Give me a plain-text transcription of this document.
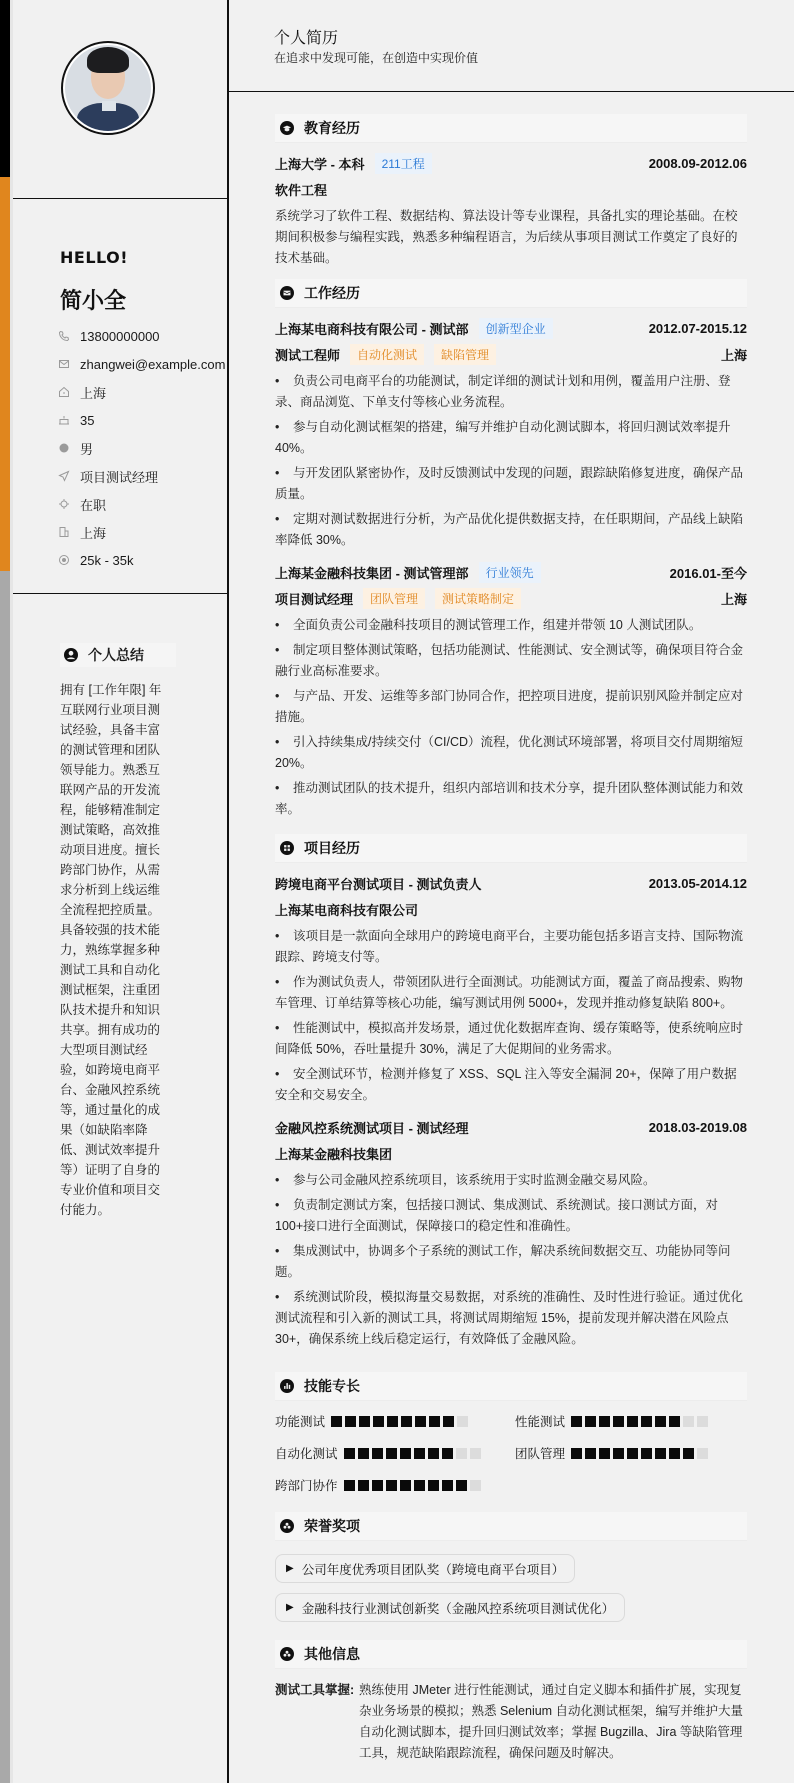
HELLO!
简小全
13800000000
zhangwei@example.com
上海
35
男
项目测试经理
在职
上海
25k - 35k
个人总结
拥有 [工作年限] 年互联网行业项目测试经验，具备丰富的测试管理和团队领导能力。熟悉互联网产品的开发流程，能够精准制定测试策略，高效推动项目进度。擅长跨部门协作，从需求分析到上线运维全流程把控质量。具备较强的技术能力，熟练掌握多种测试工具和自动化测试框架，注重团队技术提升和知识共享。拥有成功的大型项目测试经验，如跨境电商平台、金融风控系统等，通过量化的成果（如缺陷率降低、测试效率提升等）证明了自身的专业价值和项目交付能力。
个人简历
在追求中发现可能，在创造中实现价值
教育经历
上海大学 - 本科	211工程	2008.09-2012.06
软件工程

系统学习了软件工程、数据结构、算法设计等专业课程，具备扎实的理论基础。在校期间积极参与编程实践，熟悉多种编程语言，为后续从事项目测试工作奠定了良好的技术基础。

工作经历
上海某电商科技有限公司 - 测试部	创新型企业	2012.07-2015.12
测试工程师	自动化测试	缺陷管理	上海
• 负责公司电商平台的功能测试，制定详细的测试计划和用例，覆盖用户注册、登录、商品浏览、下单支付等核心业务流程。
• 参与自动化测试框架的搭建，编写并维护自动化测试脚本，将回归测试效率提升 40%。
• 与开发团队紧密协作，及时反馈测试中发现的问题，跟踪缺陷修复进度，确保产品质量。
• 定期对测试数据进行分析，为产品优化提供数据支持，在任职期间，产品线上缺陷率降低 30%。
上海某金融科技集团 - 测试管理部	行业领先	2016.01-至今
项目测试经理	团队管理	测试策略制定	上海
• 全面负责公司金融科技项目的测试管理工作，组建并带领 10 人测试团队。
• 制定项目整体测试策略，包括功能测试、性能测试、安全测试等，确保项目符合金融行业高标准要求。
• 与产品、开发、运维等多部门协同合作，把控项目进度，提前识别风险并制定应对措施。
• 引入持续集成/持续交付（CI/CD）流程，优化测试环境部署，将项目交付周期缩短 20%。
• 推动测试团队的技术提升，组织内部培训和技术分享，提升团队整体测试能力和效率。
项目经历
跨境电商平台测试项目 - 测试负责人	2013.05-2014.12
上海某电商科技有限公司
• 该项目是一款面向全球用户的跨境电商平台，主要功能包括多语言支持、国际物流跟踪、跨境支付等。
• 作为测试负责人，带领团队进行全面测试。功能测试方面，覆盖了商品搜索、购物车管理、订单结算等核心功能，编写测试用例 5000+，发现并推动修复缺陷 800+。
• 性能测试中，模拟高并发场景，通过优化数据库查询、缓存策略等，使系统响应时间降低 50%，吞吐量提升 30%，满足了大促期间的业务需求。
• 安全测试环节，检测并修复了 XSS、SQL 注入等安全漏洞 20+，保障了用户数据安全和交易安全。
金融风控系统测试项目 - 测试经理	2018.03-2019.08
上海某金融科技集团
• 参与公司金融风控系统项目，该系统用于实时监测金融交易风险。
• 负责制定测试方案，包括接口测试、集成测试、系统测试。接口测试方面，对 100+接口进行全面测试，保障接口的稳定性和准确性。
• 集成测试中，协调多个子系统的测试工作，解决系统间数据交互、功能协同等问题。
• 系统测试阶段，模拟海量交易数据，对系统的准确性、及时性进行验证。通过优化测试流程和引入新的测试工具，将测试周期缩短 15%，提前发现并解决潜在风险点 30+，确保系统上线后稳定运行，有效降低了金融风险。
技能专长
功能测试	性能测试
自动化测试	团队管理
跨部门协作
荣誉奖项
▶ 公司年度优秀项目团队奖（跨境电商平台项目）
▶ 金融科技行业测试创新奖（金融风控系统项目测试优化）
其他信息
测试工具掌握: 熟练使用 JMeter 进行性能测试，通过自定义脚本和插件扩展，实现复杂业务场景的模拟；熟悉 Selenium 自动化测试框架，编写并维护大量自动化测试脚本，提升回归测试效率；掌握 Bugzilla、Jira 等缺陷管理工具，规范缺陷跟踪流程，确保问题及时解决。
